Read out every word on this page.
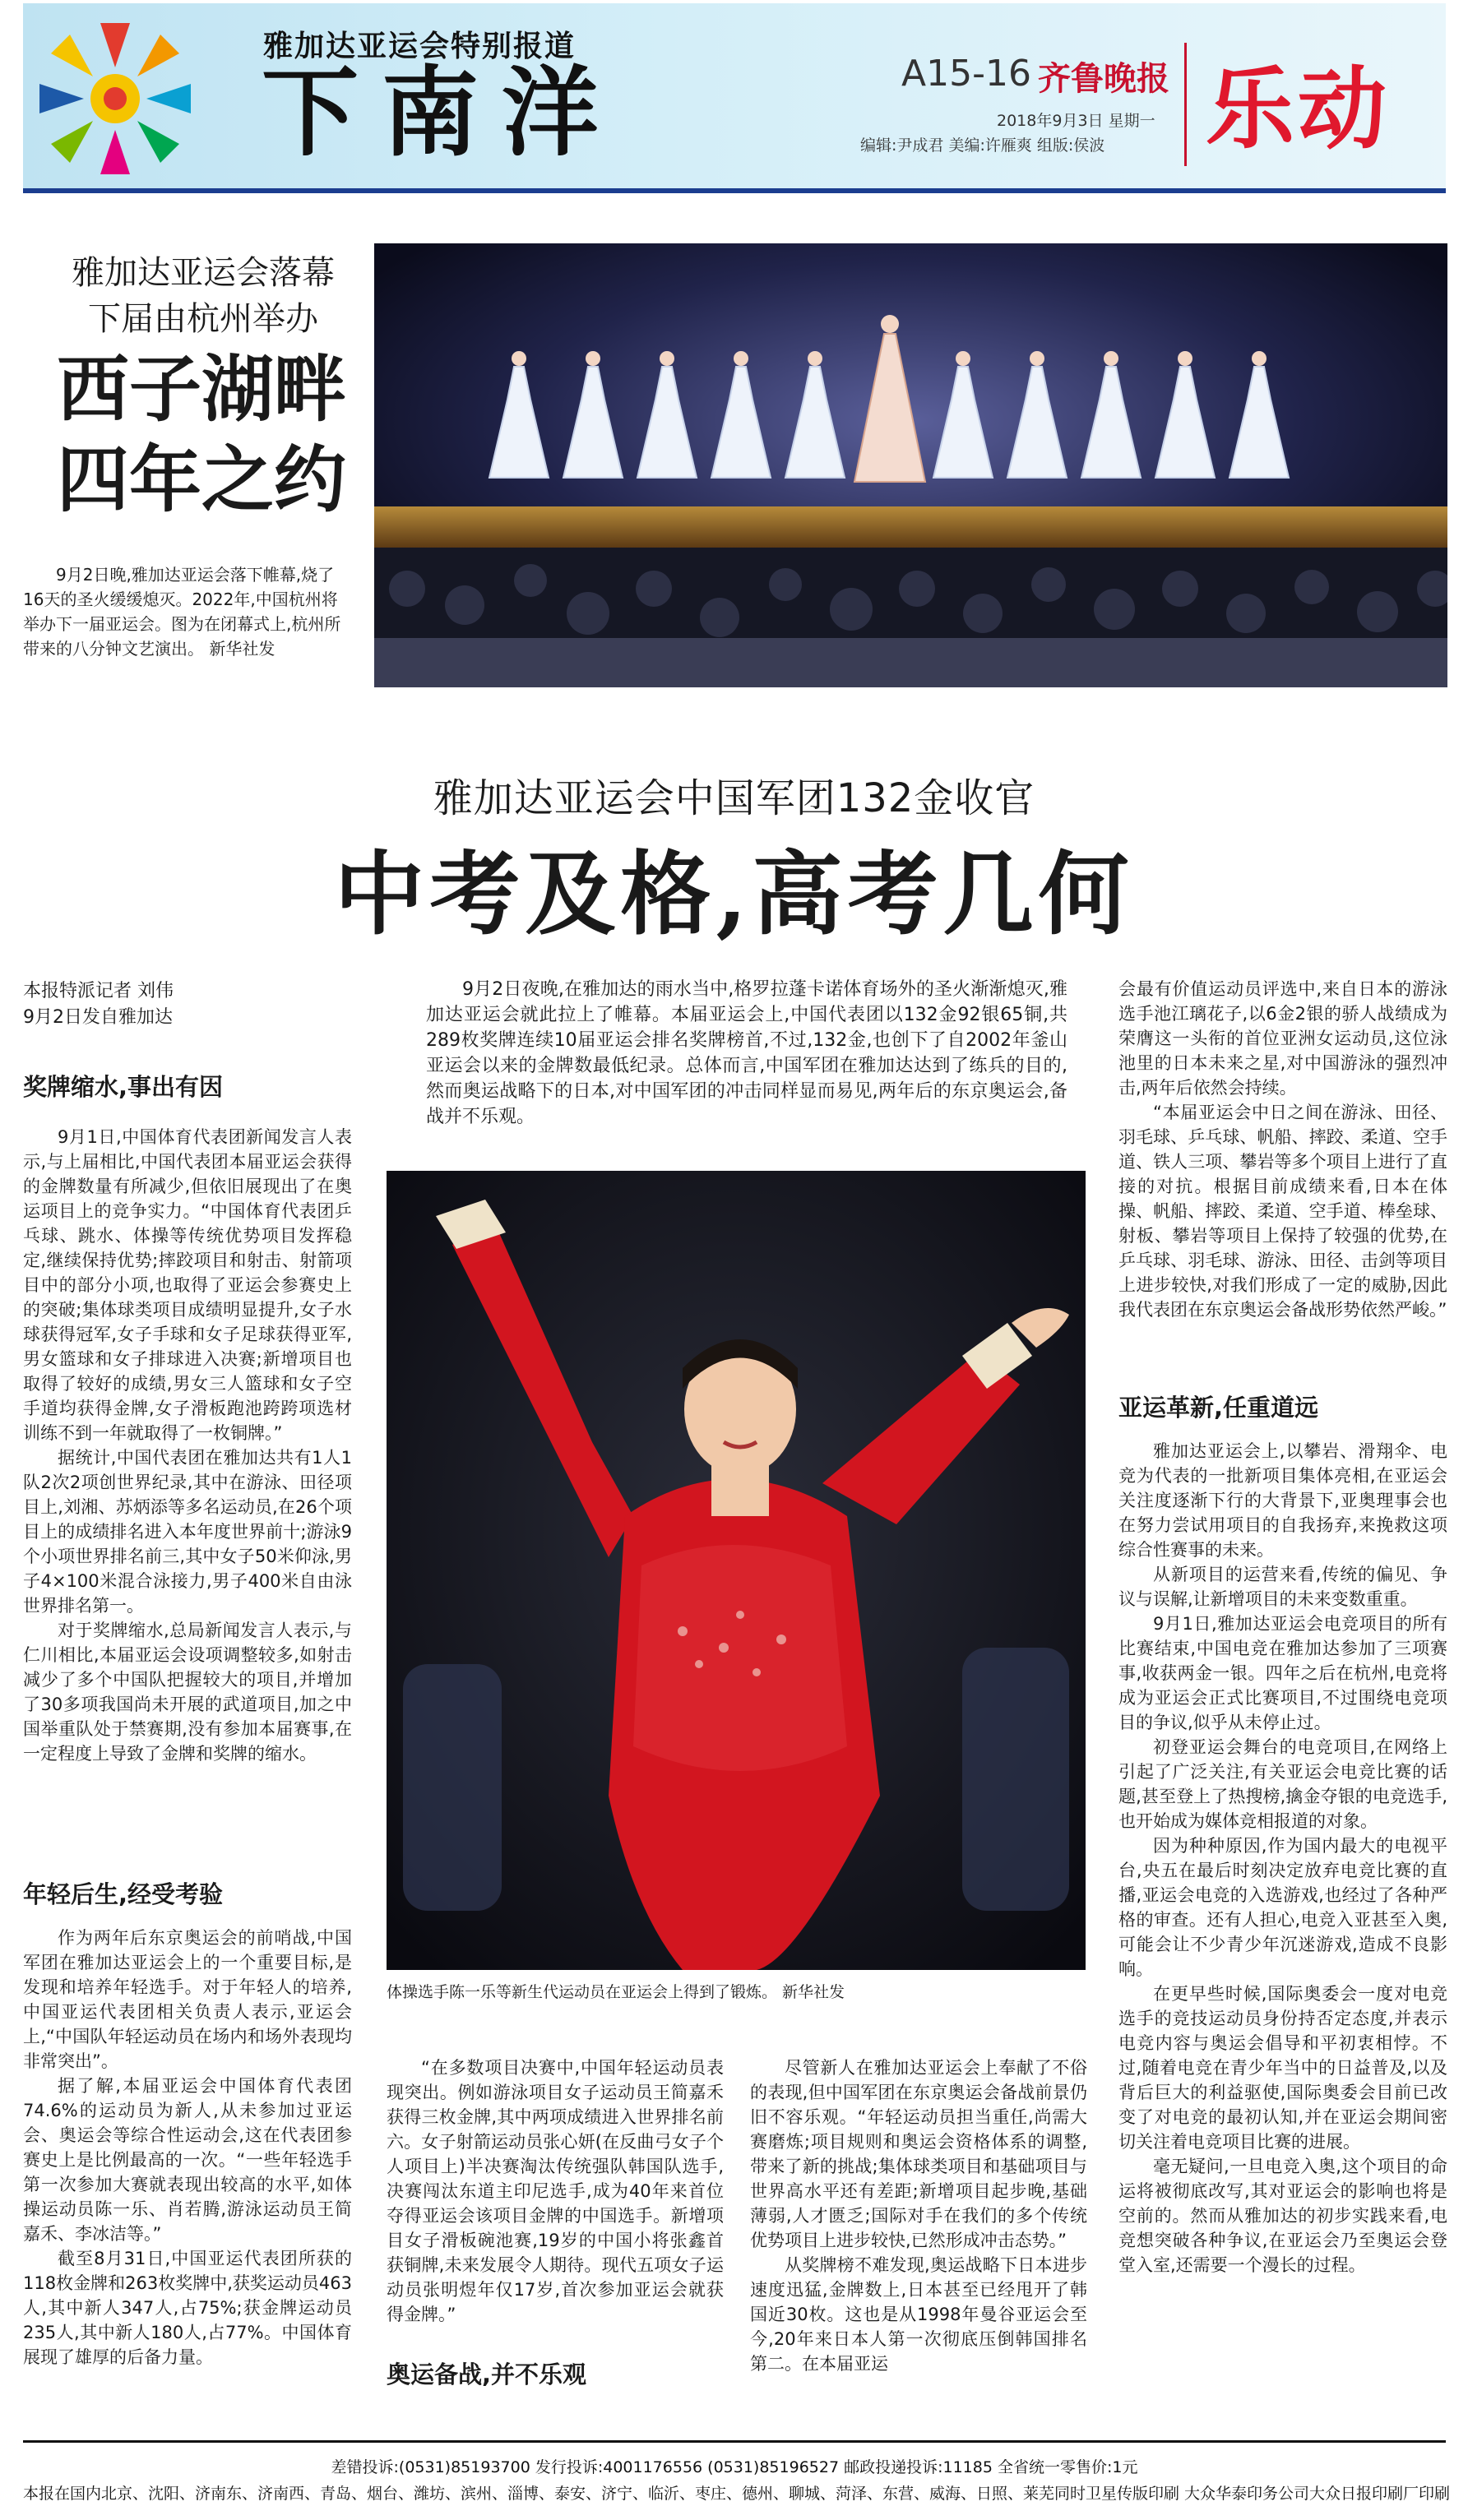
雅加达亚运会特别报道
下南洋	A15-16 齐鲁晚报
2018年9月3日 星期一
编辑:尹成君 美编:许雁爽 组版:侯波 乐动
雅加达亚运会落幕
下届由杭州举办
西子湖畔
四年之约
9月2日晚,雅加达亚运会落下帷幕,烧了16天的圣火缓缓熄灭。2022年,中国杭州将举办下一届亚运会。图为在闭幕式上,杭州所带来的八分钟文艺演出。 新华社发
雅加达亚运会中国军团132金收官
中考及格,高考几何
本报特派记者 刘伟
9月2日发自雅加达
奖牌缩水,事出有因

9月1日,中国体育代表团新闻发言人表示,与上届相比,中国代表团本届亚运会获得的金牌数量有所减少,但依旧展现出了在奥运项目上的竞争实力。“中国体育代表团乒乓球、跳水、体操等传统优势项目发挥稳定,继续保持优势;摔跤项目和射击、射箭项目中的部分小项,也取得了亚运会参赛史上的突破;集体球类项目成绩明显提升,女子水球获得冠军,女子手球和女子足球获得亚军,男女篮球和女子排球进入决赛;新增项目也取得了较好的成绩,男女三人篮球和女子空手道均获得金牌,女子滑板跑池跨跨项选材训练不到一年就取得了一枚铜牌。”

据统计,中国代表团在雅加达共有1人1队2次2项创世界纪录,其中在游泳、田径项目上,刘湘、苏炳添等多名运动员,在26个项目上的成绩排名进入本年度世界前十;游泳9个小项世界排名前三,其中女子50米仰泳,男子4×100米混合泳接力,男子400米自由泳世界排名第一。

对于奖牌缩水,总局新闻发言人表示,与仁川相比,本届亚运会设项调整较多,如射击减少了多个中国队把握较大的项目,并增加了30多项我国尚未开展的武道项目,加之中国举重队处于禁赛期,没有参加本届赛事,在一定程度上导致了金牌和奖牌的缩水。

年轻后生,经受考验

作为两年后东京奥运会的前哨战,中国军团在雅加达亚运会上的一个重要目标,是发现和培养年轻选手。对于年轻人的培养,中国亚运代表团相关负责人表示,亚运会上,“中国队年轻运动员在场内和场外表现均非常突出”。

据了解,本届亚运会中国体育代表团74.6%的运动员为新人,从未参加过亚运会、奥运会等综合性运动会,这在代表团参赛史上是比例最高的一次。“一些年轻选手第一次参加大赛就表现出较高的水平,如体操运动员陈一乐、肖若腾,游泳运动员王简嘉禾、李冰洁等。”

截至8月31日,中国亚运代表团所获的118枚金牌和263枚奖牌中,获奖运动员463人,其中新人347人,占75%;获金牌运动员235人,其中新人180人,占77%。中国体育展现了雄厚的后备力量。

9月2日夜晚,在雅加达的雨水当中,格罗拉蓬卡诺体育场外的圣火渐渐熄灭,雅加达亚运会就此拉上了帷幕。本届亚运会上,中国代表团以132金92银65铜,共289枚奖牌连续10届亚运会排名奖牌榜首,不过,132金,也创下了自2002年釜山亚运会以来的金牌数最低纪录。总体而言,中国军团在雅加达达到了练兵的目的,然而奥运战略下的日本,对中国军团的冲击同样显而易见,两年后的东京奥运会,备战并不乐观。
体操选手陈一乐等新生代运动员在亚运会上得到了锻炼。 新华社发

“在多数项目决赛中,中国年轻运动员表现突出。例如游泳项目女子运动员王简嘉禾获得三枚金牌,其中两项成绩进入世界排名前六。女子射箭运动员张心妍(在反曲弓女子个人项目上)半决赛淘汰传统强队韩国队选手,决赛闯汰东道主印尼选手,成为40年来首位夺得亚运会该项目金牌的中国选手。新增项目女子滑板碗池赛,19岁的中国小将张鑫首获铜牌,未来发展令人期待。现代五项女子运动员张明煜年仅17岁,首次参加亚运会就获得金牌。”

奥运备战,并不乐观

尽管新人在雅加达亚运会上奉献了不俗的表现,但中国军团在东京奥运会备战前景仍旧不容乐观。“年轻运动员担当重任,尚需大赛磨炼;项目规则和奥运会资格体系的调整,带来了新的挑战;集体球类项目和基础项目与世界高水平还有差距;新增项目起步晚,基础薄弱,人才匮乏;国际对手在我们的多个传统优势项目上进步较快,已然形成冲击态势。”

从奖牌榜不难发现,奥运战略下日本进步速度迅猛,金牌数上,日本甚至已经甩开了韩国近30枚。这也是从1998年曼谷亚运会至今,20年来日本人第一次彻底压倒韩国排名第二。在本届亚运

会最有价值运动员评选中,来自日本的游泳选手池江璃花子,以6金2银的骄人战绩成为荣膺这一头衔的首位亚洲女运动员,这位泳池里的日本未来之星,对中国游泳的强烈冲击,两年后依然会持续。

“本届亚运会中日之间在游泳、田径、羽毛球、乒乓球、帆船、摔跤、柔道、空手道、铁人三项、攀岩等多个项目上进行了直接的对抗。根据目前成绩来看,日本在体操、帆船、摔跤、柔道、空手道、棒垒球、射板、攀岩等项目上保持了较强的优势,在乒乓球、羽毛球、游泳、田径、击剑等项目上进步较快,对我们形成了一定的威胁,因此我代表团在东京奥运会备战形势依然严峻。”

亚运革新,任重道远

雅加达亚运会上,以攀岩、滑翔伞、电竞为代表的一批新项目集体亮相,在亚运会关注度逐渐下行的大背景下,亚奥理事会也在努力尝试用项目的自我扬弃,来挽救这项综合性赛事的未来。

从新项目的运营来看,传统的偏见、争议与误解,让新增项目的未来变数重重。

9月1日,雅加达亚运会电竞项目的所有比赛结束,中国电竞在雅加达参加了三项赛事,收获两金一银。四年之后在杭州,电竞将成为亚运会正式比赛项目,不过围绕电竞项目的争议,似乎从未停止过。

初登亚运会舞台的电竞项目,在网络上引起了广泛关注,有关亚运会电竞比赛的话题,甚至登上了热搜榜,擒金夺银的电竞选手,也开始成为媒体竞相报道的对象。

因为种种原因,作为国内最大的电视平台,央五在最后时刻决定放弃电竞比赛的直播,亚运会电竞的入选游戏,也经过了各种严格的审查。还有人担心,电竞入亚甚至入奥,可能会让不少青少年沉迷游戏,造成不良影响。

在更早些时候,国际奥委会一度对电竞选手的竞技运动员身份持否定态度,并表示电竞内容与奥运会倡导和平初衷相悖。不过,随着电竞在青少年当中的日益普及,以及背后巨大的利益驱使,国际奥委会目前已改变了对电竞的最初认知,并在亚运会期间密切关注着电竞项目比赛的进展。

毫无疑问,一旦电竞入奥,这个项目的命运将被彻底改写,其对亚运会的影响也将是空前的。然而从雅加达的初步实践来看,电竞想突破各种争议,在亚运会乃至奥运会登堂入室,还需要一个漫长的过程。

差错投诉:(0531)85193700 发行投诉:4001176556 (0531)85196527 邮政投递投诉:11185 全省统一零售价:1元
本报在国内北京、沈阳、济南东、济南西、青岛、烟台、潍坊、滨州、淄博、泰安、济宁、临沂、枣庄、德州、聊城、菏泽、东营、威海、日照、莱芜同时卫星传版印刷 大众华泰印务公司大众日报印刷厂印刷
